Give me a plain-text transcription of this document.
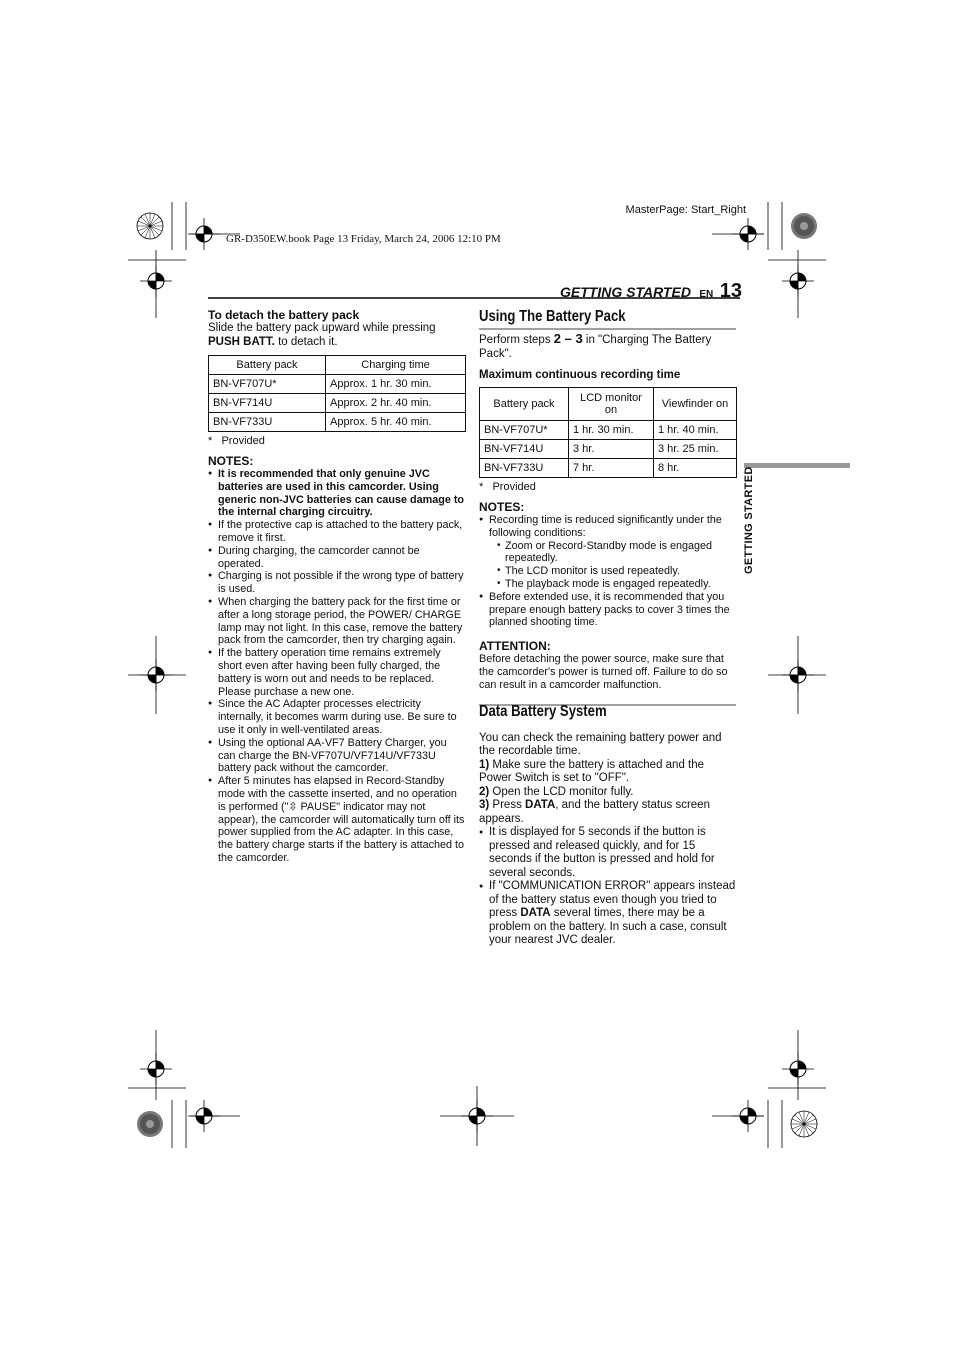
MasterPage: Start_Right
GR-D350EW.book Page 13 Friday, March 24, 2006 12:10 PM
GETTING STARTED EN 13
GETTING STARTED
To detach the battery pack
Slide the battery pack upward while pressing
PUSH BATT. to detach it.
Battery pack	Charging time
BN-VF707U*	Approx. 1 hr. 30 min.
BN-VF714U	Approx. 2 hr. 40 min.
BN-VF733U	Approx. 5 hr. 40 min.
*   Provided
NOTES:
● It is recommended that only genuine JVC batteries are used in this camcorder. Using generic non-JVC batteries can cause damage to the internal charging circuitry.
● If the protective cap is attached to the battery pack, remove it first.
● During charging, the camcorder cannot be operated.
● Charging is not possible if the wrong type of battery is used.
● When charging the battery pack for the first time or after a long storage period, the POWER/ CHARGE lamp may not light. In this case, remove the battery pack from the camcorder, then try charging again.
● If the battery operation time remains extremely short even after having been fully charged, the battery is worn out and needs to be replaced. Please purchase a new one.
● Since the AC Adapter processes electricity internally, it becomes warm during use. Be sure to use it only in well-ventilated areas.
● Using the optional AA-VF7 Battery Charger, you can charge the BN-VF707U/VF714U/VF733U battery pack without the camcorder.
● After 5 minutes has elapsed in Record-Standby mode with the cassette inserted, and no operation is performed ("⇳ PAUSE" indicator may not appear), the camcorder will automatically turn off its power supplied from the AC adapter. In this case, the battery charge starts if the battery is attached to the camcorder.
Using The Battery Pack
Perform steps 2 – 3 in "Charging The Battery Pack".
Maximum continuous recording time
Battery pack	LCD monitor on	Viewfinder on
BN-VF707U*	1 hr. 30 min.	1 hr. 40 min.
BN-VF714U	3 hr.	3 hr. 25 min.
BN-VF733U	7 hr.	8 hr.
*   Provided
NOTES:
● Recording time is reduced significantly under the following conditions:
• Zoom or Record-Standby mode is engaged repeatedly.
• The LCD monitor is used repeatedly.
• The playback mode is engaged repeatedly.
● Before extended use, it is recommended that you prepare enough battery packs to cover 3 times the planned shooting time.
ATTENTION:
Before detaching the power source, make sure that the camcorder's power is turned off. Failure to do so can result in a camcorder malfunction.
Data Battery System
You can check the remaining battery power and the recordable time.
1) Make sure the battery is attached and the Power Switch is set to "OFF".
2) Open the LCD monitor fully.
3) Press DATA, and the battery status screen appears.
● It is displayed for 5 seconds if the button is pressed and released quickly, and for 15 seconds if the button is pressed and hold for several seconds.
● If "COMMUNICATION ERROR" appears instead of the battery status even though you tried to press DATA several times, there may be a problem on the battery. In such a case, consult your nearest JVC dealer.
